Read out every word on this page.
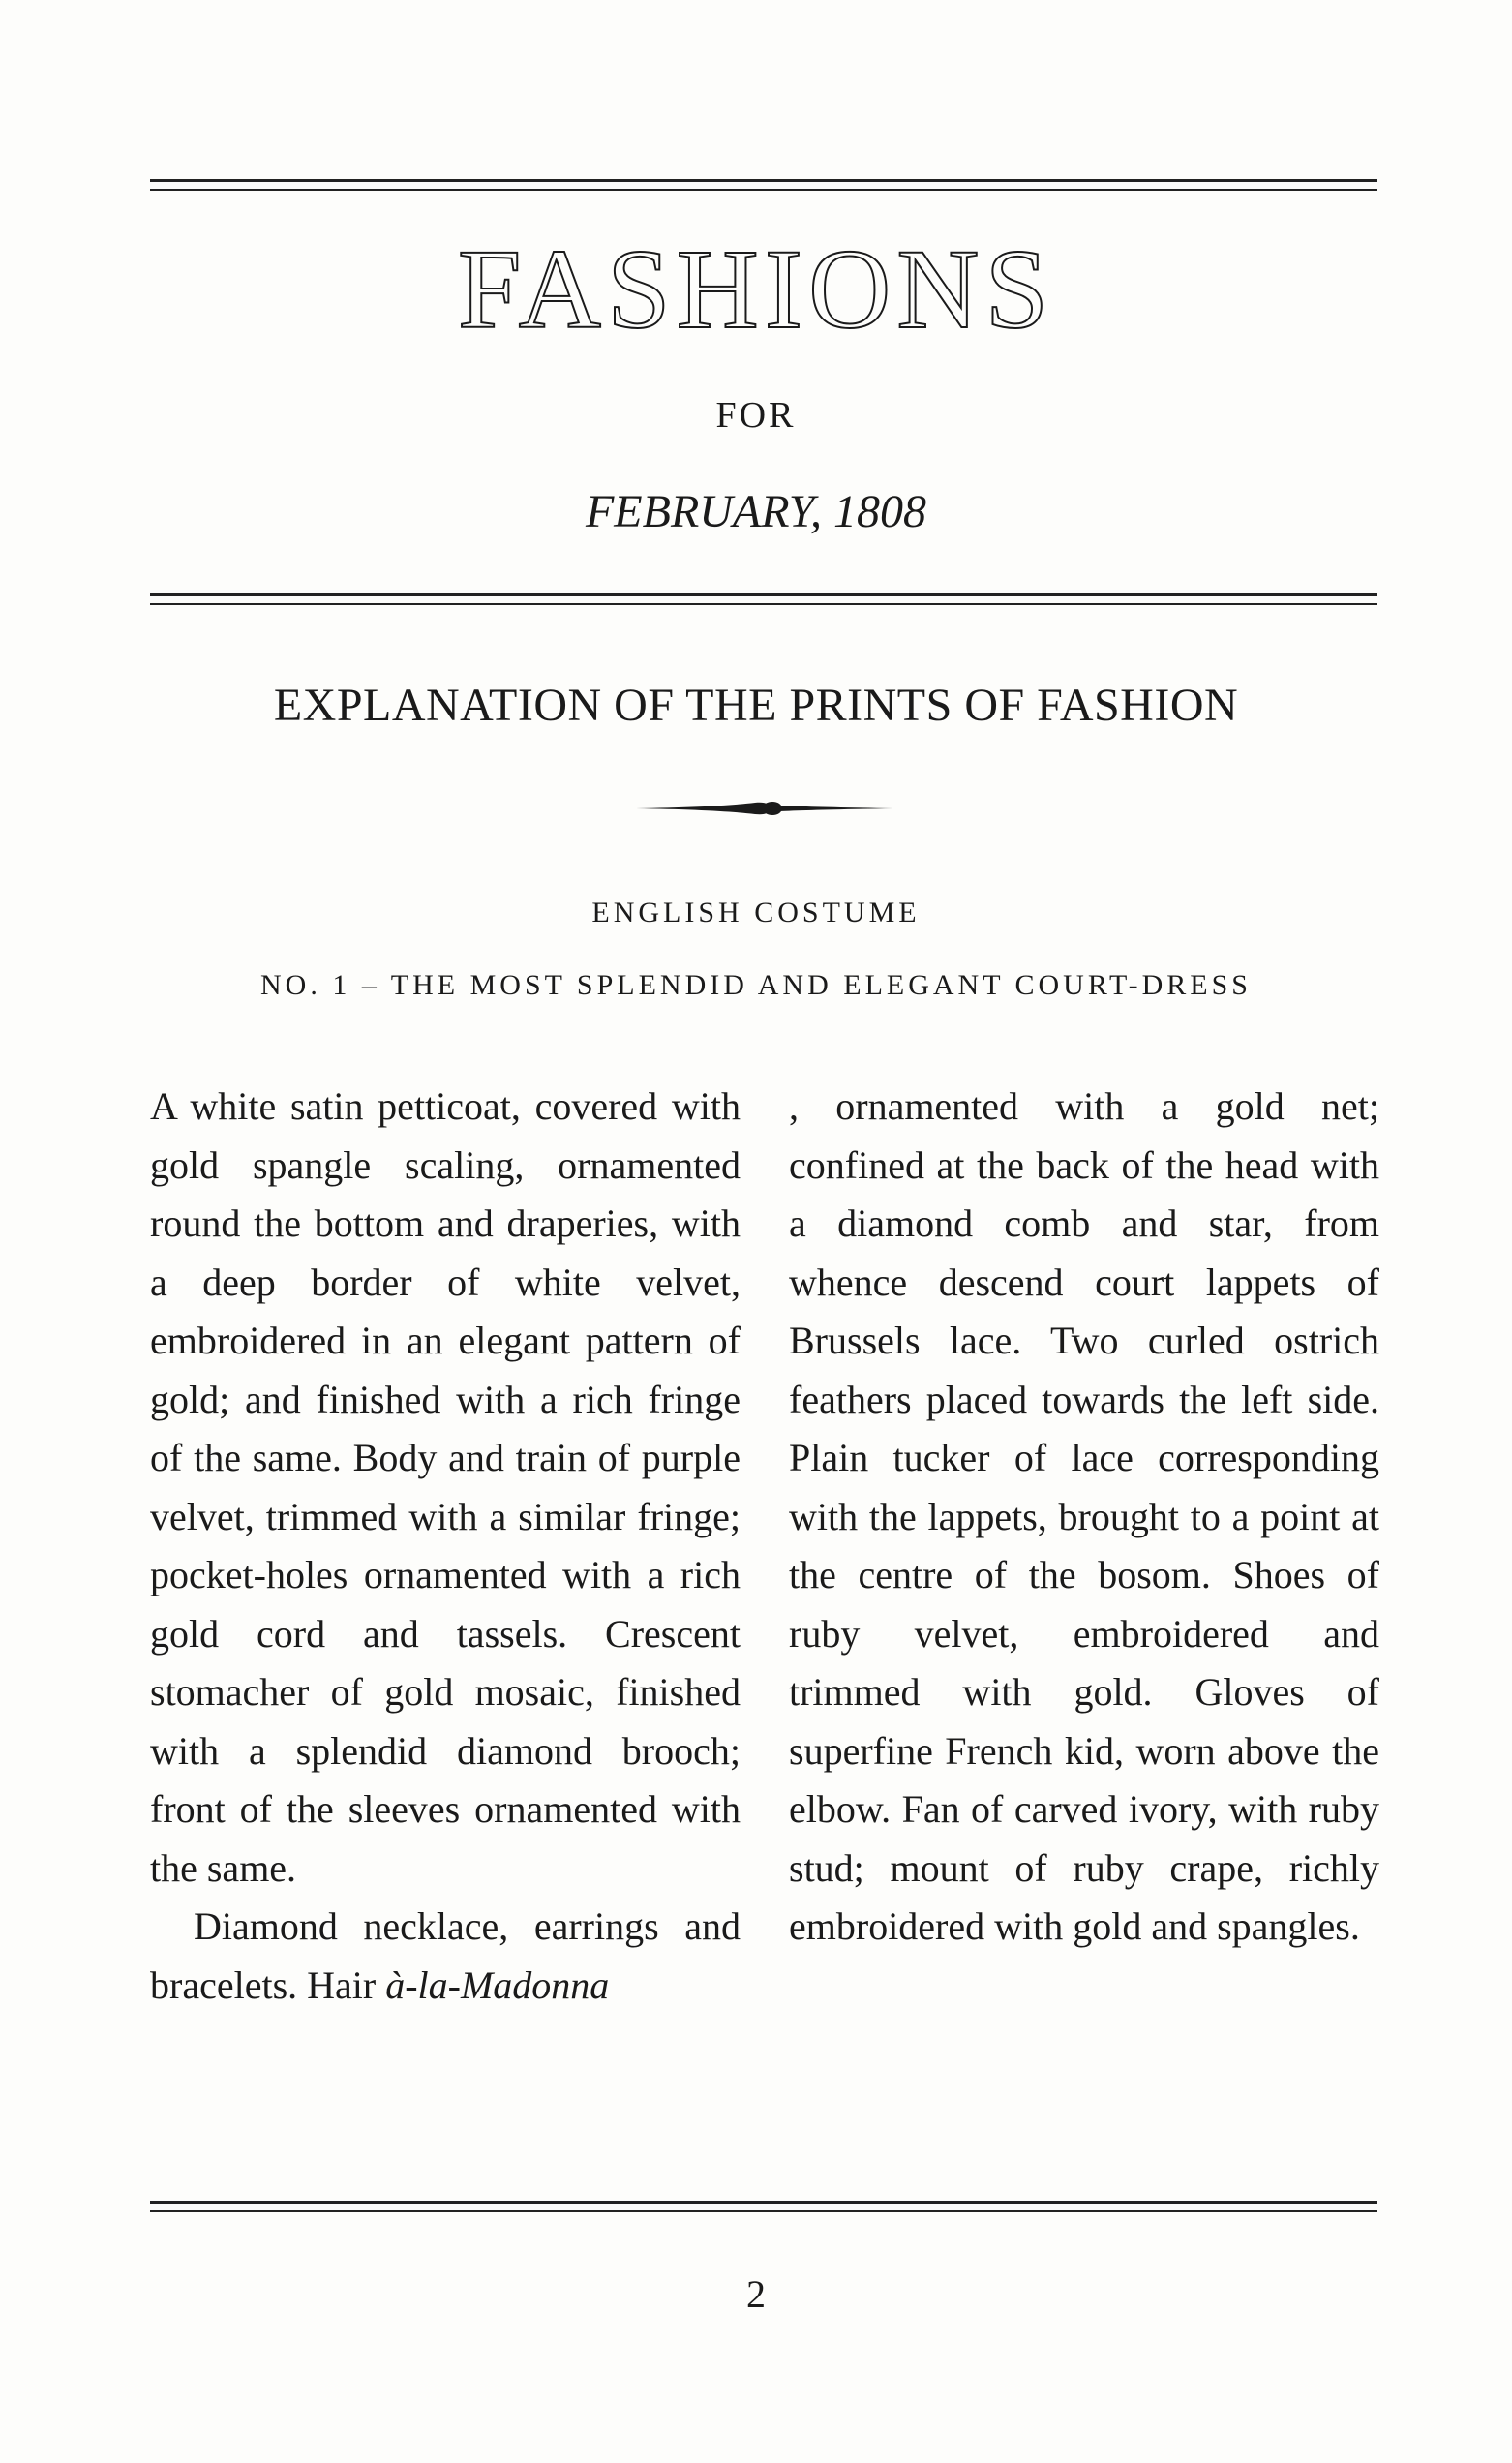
FASHIONS
FOR
FEBRUARY, 1808
EXPLANATION OF THE PRINTS OF FASHION
ENGLISH COSTUME
NO. 1 – THE MOST SPLENDID AND ELEGANT COURT-DRESS

A white satin petticoat, covered with gold spangle scaling, ornamented round the bottom and draperies, with a deep border of white velvet, embroidered in an elegant pattern of gold; and finished with a rich fringe of the same. Body and train of purple velvet, trimmed with a similar fringe; pocket-holes ornamented with a rich gold cord and tassels. Crescent stomacher of gold mosaic, finished with a splendid diamond brooch; front of the sleeves ornamented with the same.

Diamond necklace, earrings and bracelets. Hair à-la-Madonna

, ornamented with a gold net; confined at the back of the head with a diamond comb and star, from whence descend court lappets of Brussels lace. Two curled ostrich feathers placed towards the left side. Plain tucker of lace corresponding with the lappets, brought to a point at the centre of the bosom. Shoes of ruby velvet, embroidered and trimmed with gold. Gloves of superfine French kid, worn above the elbow. Fan of carved ivory, with ruby stud; mount of ruby crape, richly embroidered with gold and spangles.

2
